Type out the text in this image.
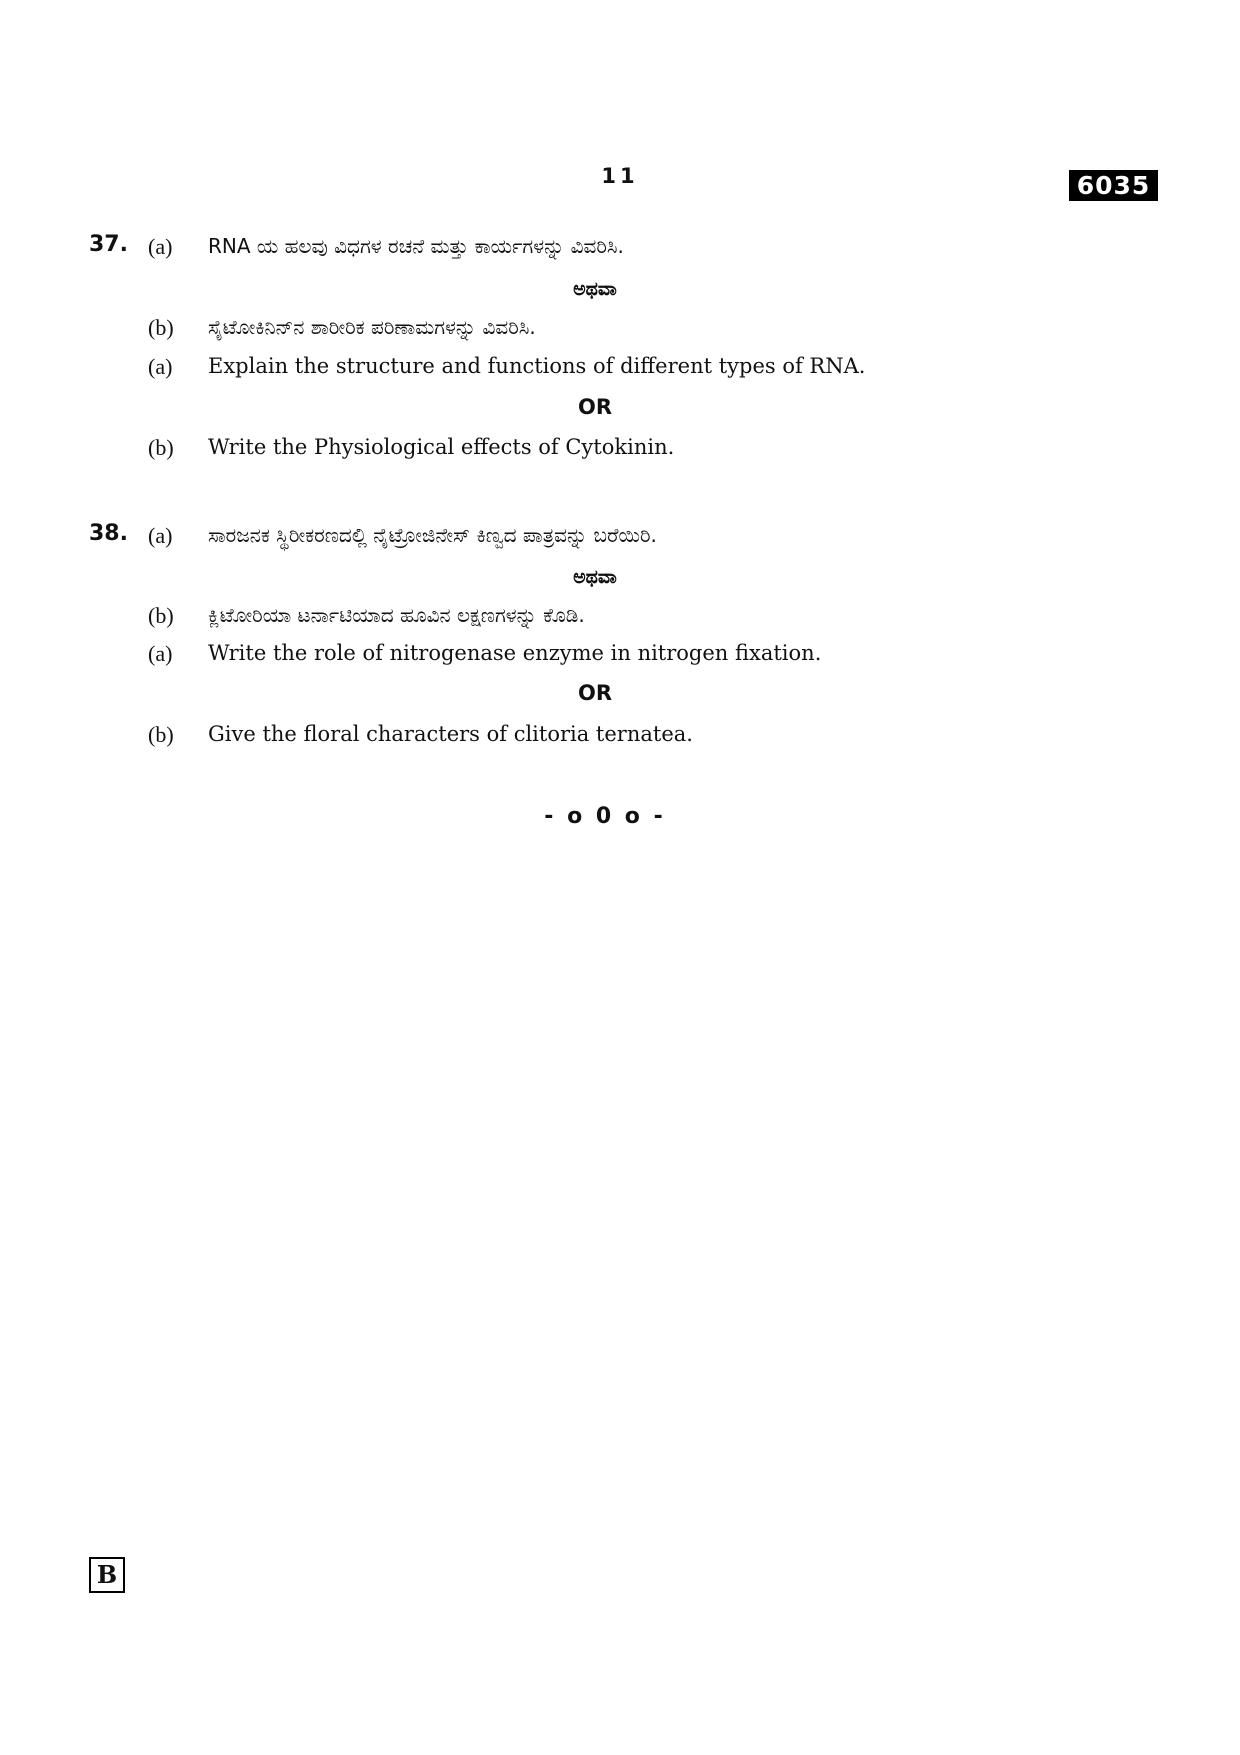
11	6035
37. (a) RNA ಯ ಹಲವು ವಿಧಗಳ ರಚನೆ ಮತ್ತು ಕಾರ್ಯಗಳನ್ನು ವಿವರಿಸಿ.
ಅಥವಾ
(b) ಸೈಟೋಕಿನಿನ್‌ನ ಶಾರೀರಿಕ ಪರಿಣಾಮಗಳನ್ನು ವಿವರಿಸಿ.
(a) Explain the structure and functions of different types of RNA.
OR
(b) Write the Physiological effects of Cytokinin.
38. (a) ಸಾರಜನಕ ಸ್ಥಿರೀಕರಣದಲ್ಲಿ ನೈಟ್ರೋಜಿನೇಸ್ ಕಿಣ್ವದ ಪಾತ್ರವನ್ನು ಬರೆಯಿರಿ.
ಅಥವಾ
(b) ಕ್ಲಿಟೋರಿಯಾ ಟರ್ನಾಟಿಯಾದ ಹೂವಿನ ಲಕ್ಷಣಗಳನ್ನು ಕೊಡಿ.
(a) Write the role of nitrogenase enzyme in nitrogen fixation.
OR
(b) Give the floral characters of clitoria ternatea.
- o 0 o -
B
